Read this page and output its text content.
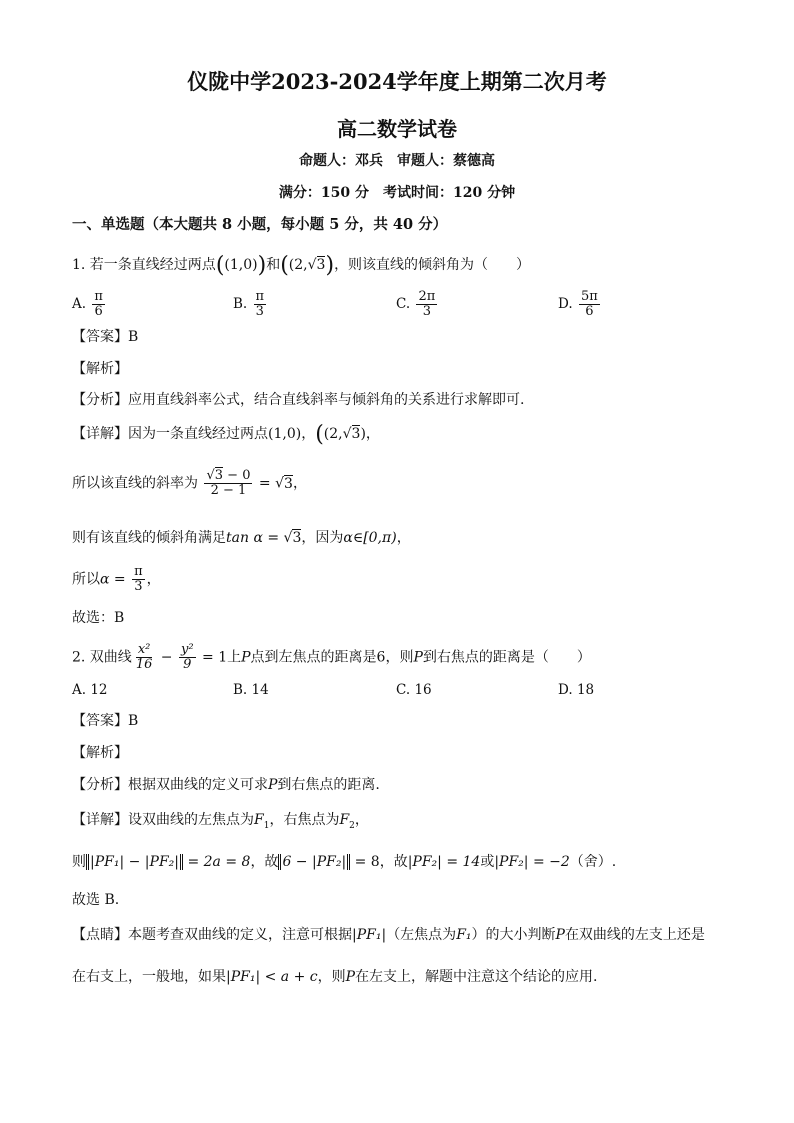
仪陇中学2023-2024学年度上期第二次月考
高二数学试卷
命题人：邓兵　审题人：蔡德高
满分：150 分　考试时间：120 分钟
一、单选题（本大题共 8 小题，每小题 5 分，共 40 分）
1. 若一条直线经过两点((1,0))和((2,√3)，则该直线的倾斜角为（　　）
A. $\frac{\pi}{6}$	B. $\frac{\pi}{3}$	C. $\frac{2\pi}{3}$	D. $\frac{5\pi}{6}$
【答案】B
【解析】
【分析】应用直线斜率公式，结合直线斜率与倾斜角的关系进行求解即可.
【详解】因为一条直线经过两点(1,0)，((2,√3)，
所以该直线的斜率为 $\frac{√3 - 0}{2 - 1} = √3$，
则有该直线的倾斜角满足tan α = √3，因为α∈[0,π)，
所以$\alpha = \frac{\pi}{3}$ ，
故选：B
2. 双曲线 $\frac{\text{x²}}{16} - \frac{\text{y²}}{9} = 1$上P点到左焦点的距离是6，则P到右焦点的距离是（　　）
A. 12	B. 14	C. 16	D. 18
【答案】B
【解析】
【分析】根据双曲线的定义可求P到右焦点的距离.
【详解】设双曲线的左焦点为$F_1$，右焦点为$F_2$，
则 |PF₁| − |PF₂| = 2a = 8，故 6 − |PF₂| = 8，故|PF₂| = 14或|PF₂| = −2（舍）.
故选 B.
【点睛】本题考查双曲线的定义，注意可根据|PF₁|（左焦点为F₁）的大小判断P在双曲线的左支上还是
在右支上，一般地，如果|PF₁| < a + c，则P在左支上，解题中注意这个结论的应用.
